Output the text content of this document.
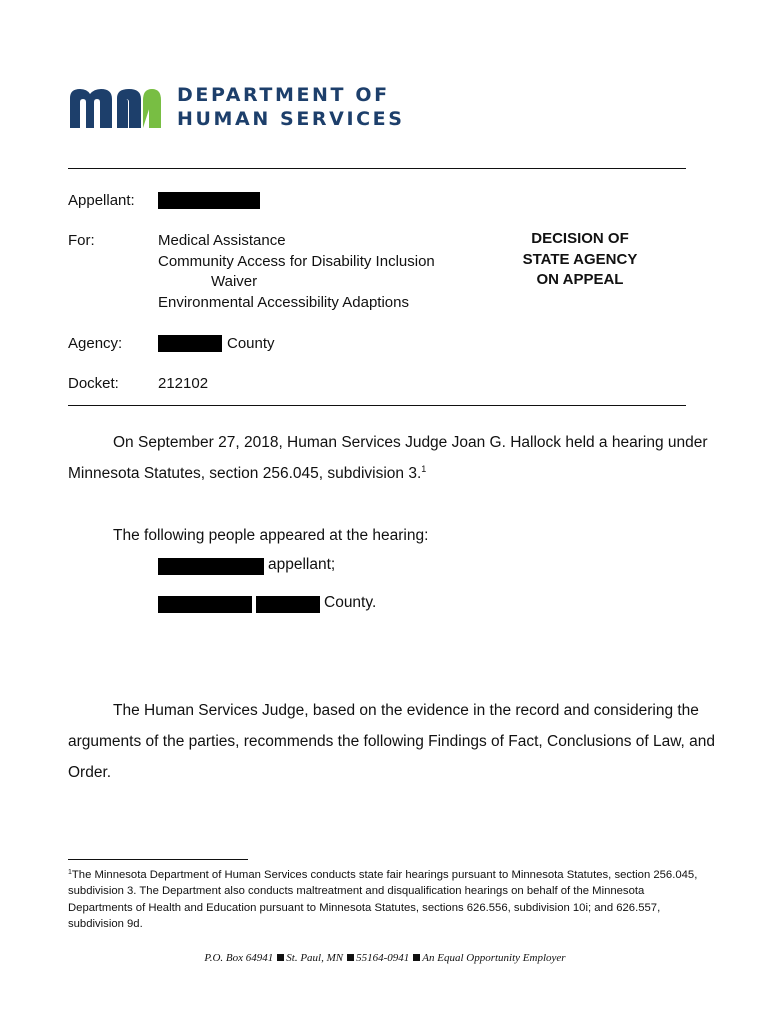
DEPARTMENT OF
HUMAN SERVICES
Appellant:
For:	Medical Assistance
Community Access for Disability Inclusion
Waiver
Environmental Accessibility Adaptions
DECISION OF
STATE AGENCY
ON APPEAL
Agency:	County
Docket:	212102
On September 27, 2018, Human Services Judge Joan G. Hallock held a hearing under
Minnesota Statutes, section 256.045, subdivision 3.$^1$
The following people appeared at the hearing:
appellant;
County.
The Human Services Judge, based on the evidence in the record and considering the
arguments of the parties, recommends the following Findings of Fact, Conclusions of Law, and
Order.
$^1$The Minnesota Department of Human Services conducts state fair hearings pursuant to Minnesota Statutes, section 256.045, subdivision 3. The Department also conducts maltreatment and disqualification hearings on behalf of the Minnesota Departments of Health and Education pursuant to Minnesota Statutes, sections 626.556, subdivision 10i; and 626.557, subdivision 9d.
P.O. Box 64941 St. Paul, MN 55164-0941 An Equal Opportunity Employer
